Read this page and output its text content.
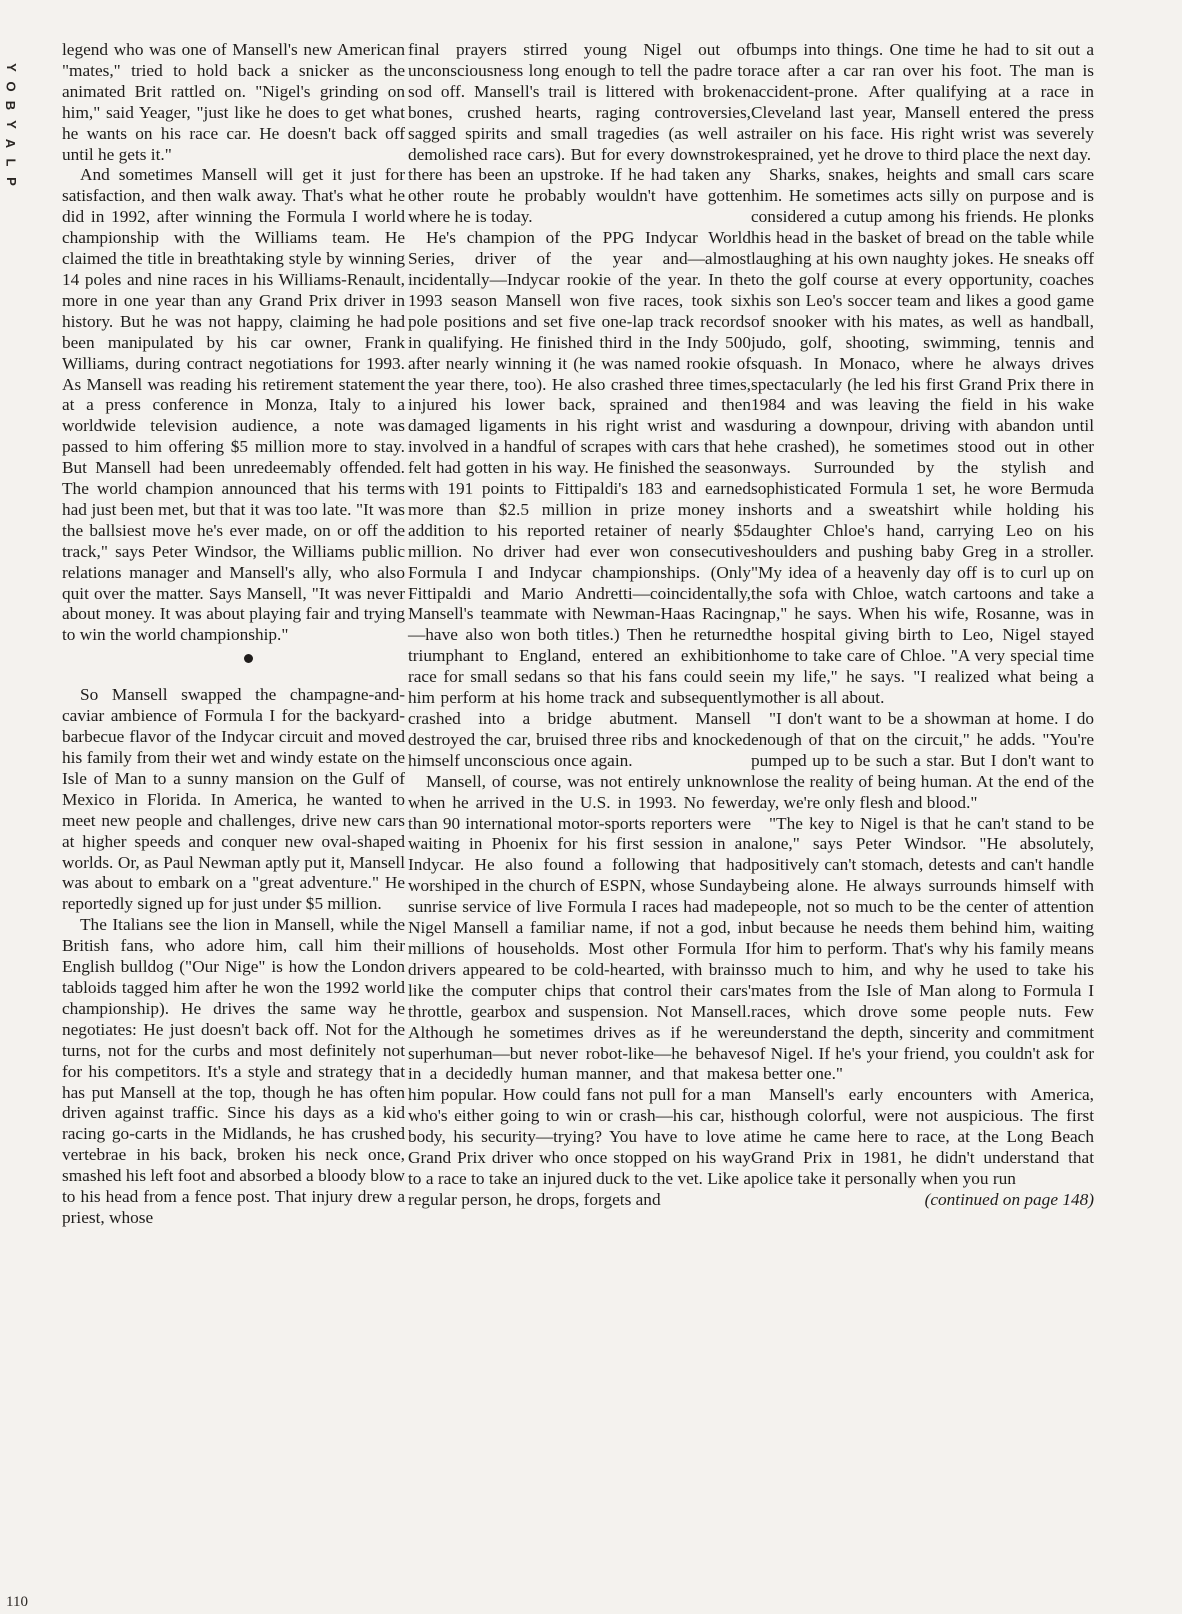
Y
O
B
Y
A
L
P

legend who was one of Mansell's new American "mates," tried to hold back a snicker as the animated Brit rattled on. "Nigel's grinding on him," said Yeager, "just like he does to get what he wants on his race car. He doesn't back off until he gets it."

And sometimes Mansell will get it just for satisfaction, and then walk away. That's what he did in 1992, after winning the Formula I world championship with the Williams team. He claimed the title in breathtaking style by winning 14 poles and nine races in his Williams-Renault, more in one year than any Grand Prix driver in history. But he was not happy, claiming he had been manipulated by his car owner, Frank Williams, during contract negotiations for 1993. As Mansell was reading his retirement statement at a press conference in Monza, Italy to a worldwide television audience, a note was passed to him offering $5 million more to stay. But Mansell had been unredeemably offended. The world champion announced that his terms had just been met, but that it was too late. "It was the ballsiest move he's ever made, on or off the track," says Peter Windsor, the Williams public relations manager and Mansell's ally, who also quit over the matter. Says Mansell, "It was never about money. It was about playing fair and trying to win the world championship."

So Mansell swapped the champagne-and-caviar ambience of Formula I for the backyard-barbecue flavor of the Indycar circuit and moved his family from their wet and windy estate on the Isle of Man to a sunny mansion on the Gulf of Mexico in Florida. In America, he wanted to meet new people and challenges, drive new cars at higher speeds and conquer new oval-shaped worlds. Or, as Paul Newman aptly put it, Mansell was about to embark on a "great adventure." He reportedly signed up for just under $5 million.

The Italians see the lion in Mansell, while the British fans, who adore him, call him their English bulldog ("Our Nige" is how the London tabloids tagged him after he won the 1992 world championship). He drives the same way he negotiates: He just doesn't back off. Not for the turns, not for the curbs and most definitely not for his competitors. It's a style and strategy that has put Mansell at the top, though he has often driven against traffic. Since his days as a kid racing go-carts in the Midlands, he has crushed vertebrae in his back, broken his neck once, smashed his left foot and absorbed a bloody blow to his head from a fence post. That injury drew a priest, whose

final prayers stirred young Nigel out of unconsciousness long enough to tell the padre to sod off. Mansell's trail is littered with broken bones, crushed hearts, raging controversies, sagged spirits and small tragedies (as well as demolished race cars). But for every downstroke there has been an upstroke. If he had taken any other route he probably wouldn't have gotten where he is today.

He's champion of the PPG Indycar World Series, driver of the year and—almost incidentally—Indycar rookie of the year. In the 1993 season Mansell won five races, took six pole positions and set five one-lap track records in qualifying. He finished third in the Indy 500 after nearly winning it (he was named rookie of the year there, too). He also crashed three times, injured his lower back, sprained and then damaged ligaments in his right wrist and was involved in a handful of scrapes with cars that he felt had gotten in his way. He finished the season with 191 points to Fittipaldi's 183 and earned more than $2.5 million in prize money in addition to his reported retainer of nearly $5 million. No driver had ever won consecutive Formula I and Indycar championships. (Only Fittipaldi and Mario Andretti—coincidentally, Mansell's teammate with Newman-Haas Racing—have also won both titles.) Then he returned triumphant to England, entered an exhibition race for small sedans so that his fans could see him perform at his home track and subsequently crashed into a bridge abutment. Mansell destroyed the car, bruised three ribs and knocked himself unconscious once again.

Mansell, of course, was not entirely unknown when he arrived in the U.S. in 1993. No fewer than 90 international motor-sports reporters were waiting in Phoenix for his first session in an Indycar. He also found a following that had worshiped in the church of ESPN, whose Sunday sunrise service of live Formula I races had made Nigel Mansell a familiar name, if not a god, in millions of households. Most other Formula I drivers appeared to be cold-hearted, with brains like the computer chips that control their cars' throttle, gearbox and suspension. Not Mansell. Although he sometimes drives as if he were superhuman—but never robot-like—he behaves in a decidedly human manner, and that makes him popular. How could fans not pull for a man who's either going to win or crash—his car, his body, his security—trying? You have to love a Grand Prix driver who once stopped on his way to a race to take an injured duck to the vet. Like a regular person, he drops, forgets and

bumps into things. One time he had to sit out a race after a car ran over his foot. The man is accident-prone. After qualifying at a race in Cleveland last year, Mansell entered the press trailer on his face. His right wrist was severely sprained, yet he drove to third place the next day.

Sharks, snakes, heights and small cars scare him. He sometimes acts silly on purpose and is considered a cutup among his friends. He plonks his head in the basket of bread on the table while laughing at his own naughty jokes. He sneaks off to the golf course at every opportunity, coaches his son Leo's soccer team and likes a good game of snooker with his mates, as well as handball, judo, golf, shooting, swimming, tennis and squash. In Monaco, where he always drives spectacularly (he led his first Grand Prix there in 1984 and was leaving the field in his wake during a downpour, driving with abandon until he crashed), he sometimes stood out in other ways. Surrounded by the stylish and sophisticated Formula 1 set, he wore Bermuda shorts and a sweatshirt while holding his daughter Chloe's hand, carrying Leo on his shoulders and pushing baby Greg in a stroller. "My idea of a heavenly day off is to curl up on the sofa with Chloe, watch cartoons and take a nap," he says. When his wife, Rosanne, was in the hospital giving birth to Leo, Nigel stayed home to take care of Chloe. "A very special time in my life," he says. "I realized what being a mother is all about.

"I don't want to be a showman at home. I do enough of that on the circuit," he adds. "You're pumped up to be such a star. But I don't want to lose the reality of being human. At the end of the day, we're only flesh and blood."

"The key to Nigel is that he can't stand to be alone," says Peter Windsor. "He absolutely, positively can't stomach, detests and can't handle being alone. He always surrounds himself with people, not so much to be the center of attention but because he needs them behind him, waiting for him to perform. That's why his family means so much to him, and why he used to take his mates from the Isle of Man along to Formula I races, which drove some people nuts. Few understand the depth, sincerity and commitment of Nigel. If he's your friend, you couldn't ask for a better one."

Mansell's early encounters with America, though colorful, were not auspicious. The first time he came here to race, at the Long Beach Grand Prix in 1981, he didn't understand that police take it personally when you run

(continued on page 148)
110
